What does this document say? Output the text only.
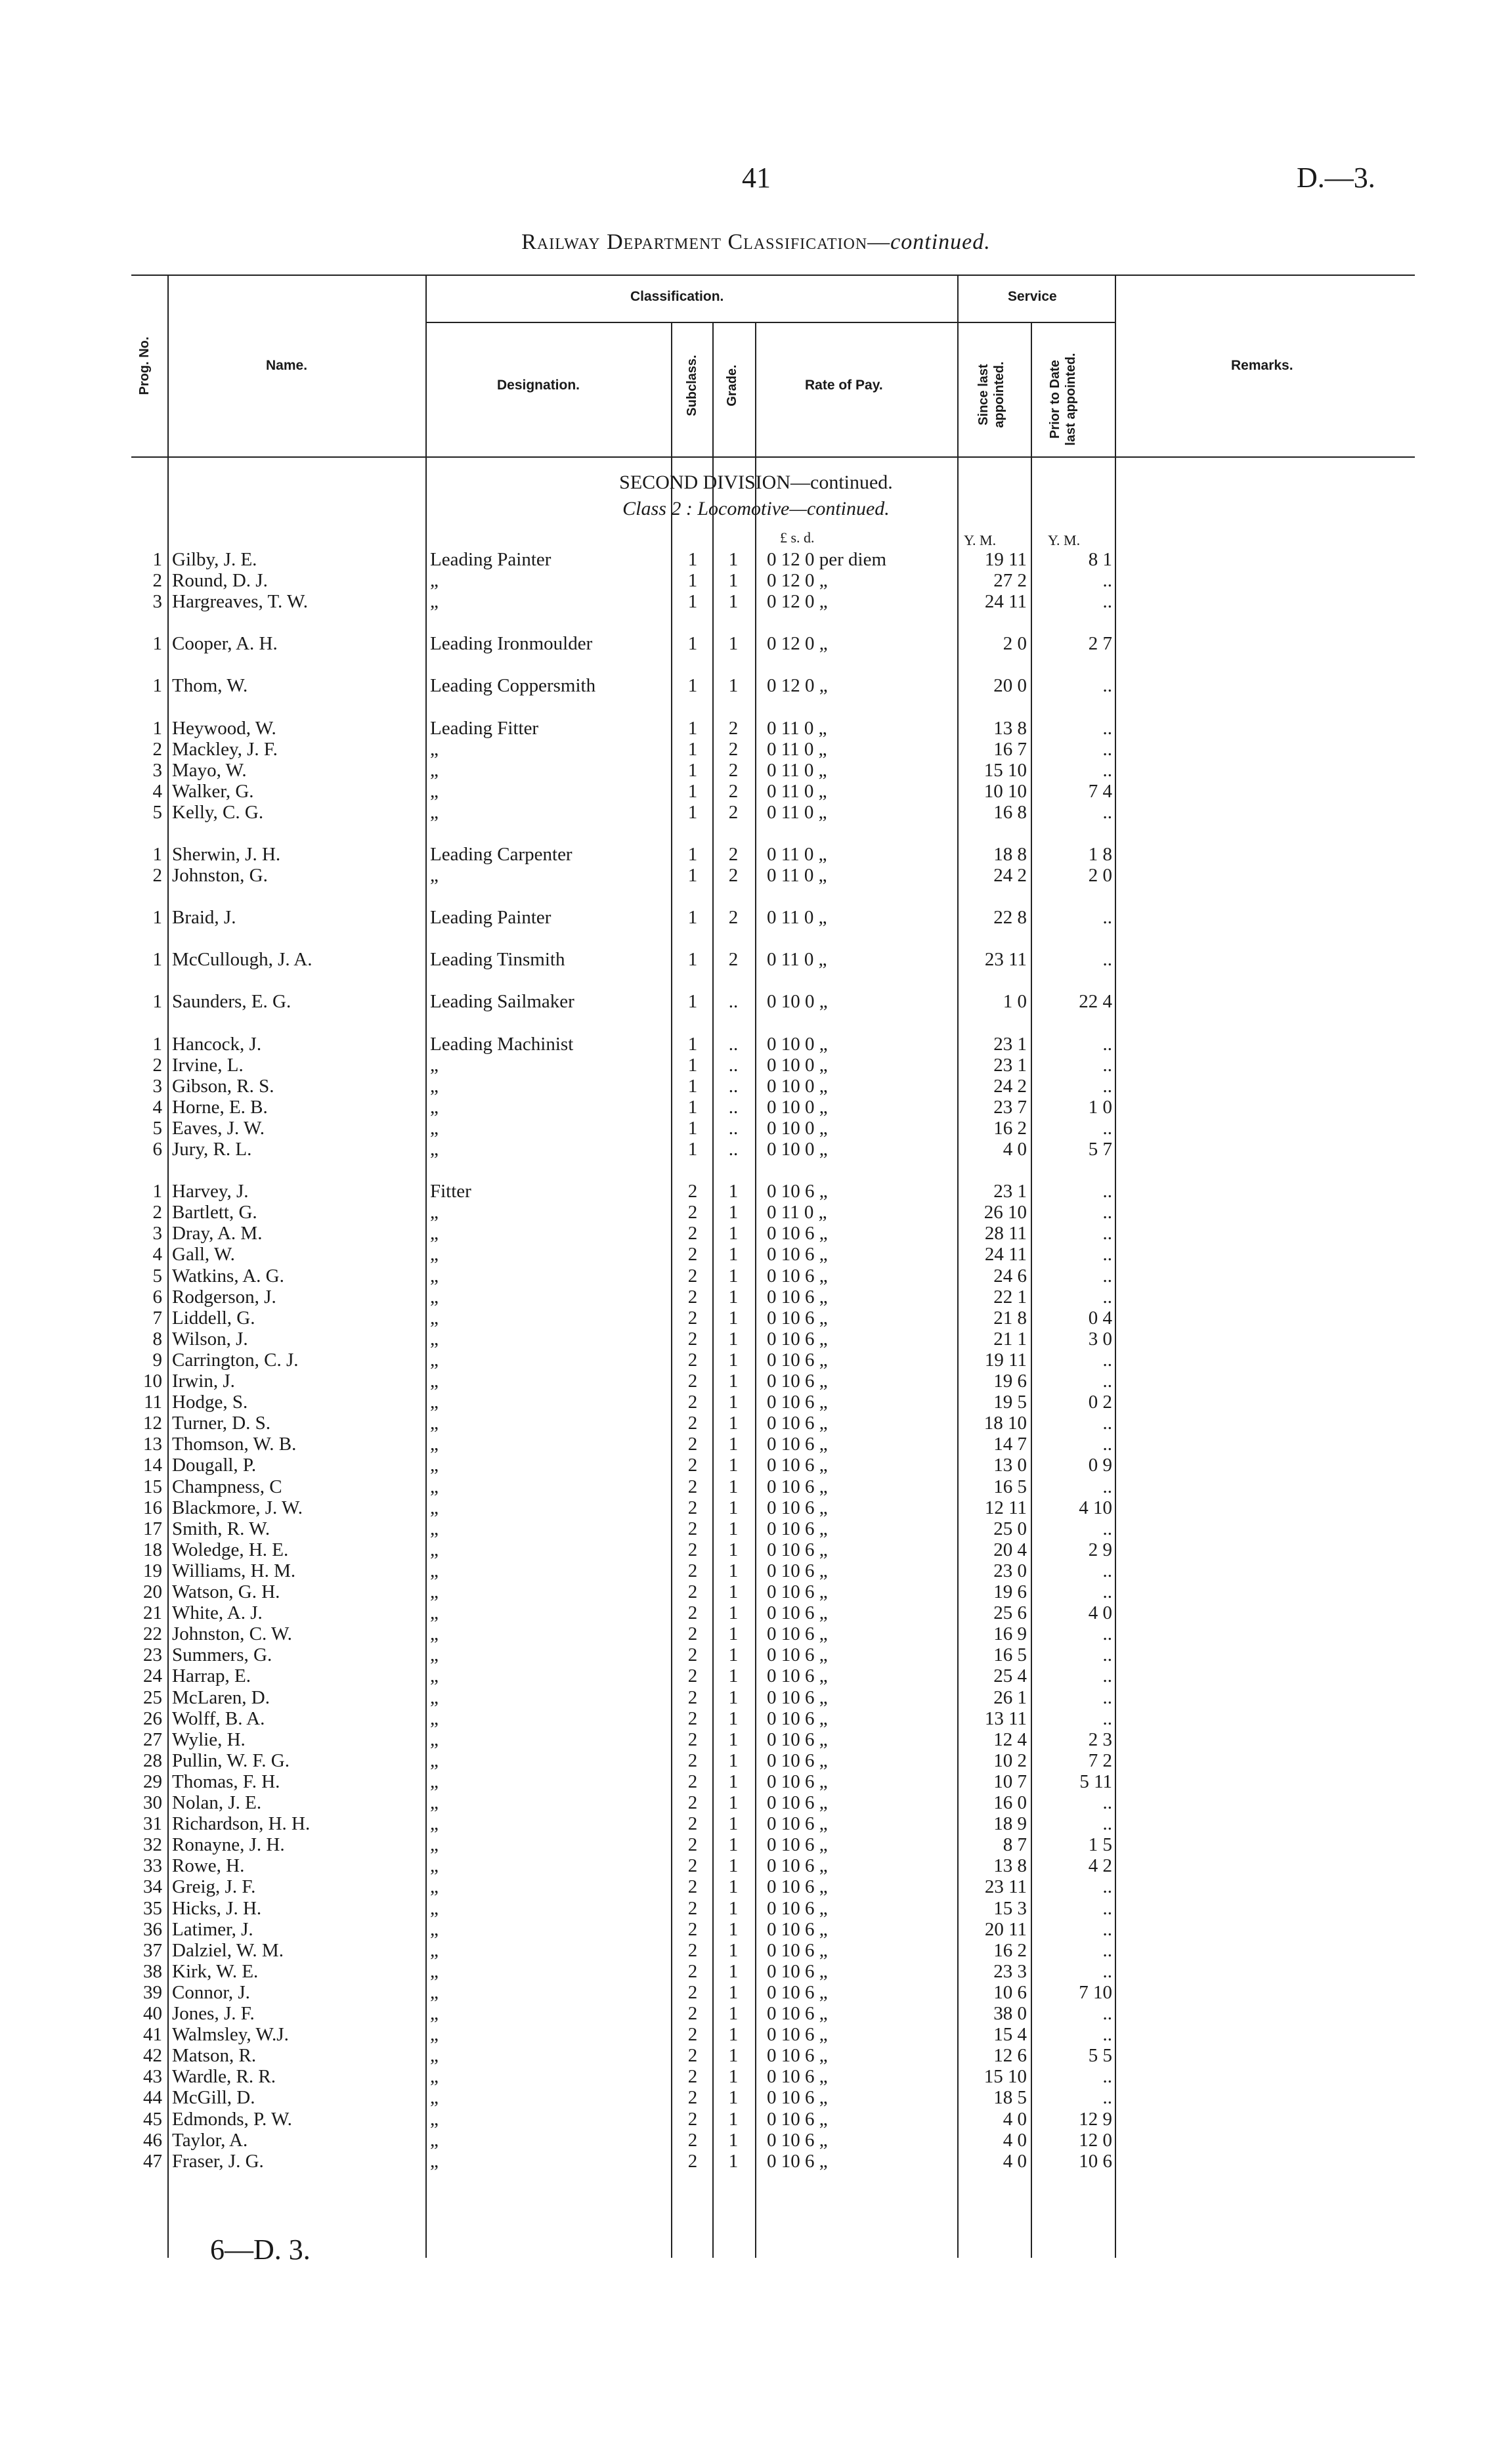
41	D.—3.
Railway Department Classification—continued.
Prog. No.	Name.
Classification.
Designation.	Subclass. Grade.	Rate of Pay.
Service
Since last appointed.	Prior to Date last appointed.	Remarks.
SECOND DIVISION—continued.
Class 2 : Locomotive—continued.
£ s. d.	Y. M.	Y. M.
1 Gilby, J. E.	Leading Painter	1	1	0 12 0 per diem	19 11	8 1
2 Round, D. J.	„	1	1	0 12 0 „	27 2	..
3 Hargreaves, T. W.	„	1	1	0 12 0 „	24 11	..
1 Cooper, A. H.	Leading Ironmoulder	1	1	0 12 0 „	2 0	2 7
1 Thom, W.	Leading Coppersmith	1	1	0 12 0 „	20 0	..
1 Heywood, W.	Leading Fitter	1	2	0 11 0 „	13 8	..
2 Mackley, J. F.	„	1	2	0 11 0 „	16 7	..
3 Mayo, W.	„	1	2	0 11 0 „	15 10	..
4 Walker, G.	„	1	2	0 11 0 „	10 10	7 4
5 Kelly, C. G.	„	1	2	0 11 0 „	16 8	..
1 Sherwin, J. H.	Leading Carpenter	1	2	0 11 0 „	18 8	1 8
2 Johnston, G.	„	1	2	0 11 0 „	24 2	2 0
1 Braid, J.	Leading Painter	1	2	0 11 0 „	22 8	..
1 McCullough, J. A.	Leading Tinsmith	1	2	0 11 0 „	23 11	..
1 Saunders, E. G.	Leading Sailmaker	1	..	0 10 0 „	1 0	22 4
1 Hancock, J.	Leading Machinist	1	..	0 10 0 „	23 1	..
2 Irvine, L.	„	1	..	0 10 0 „	23 1	..
3 Gibson, R. S.	„	1	..	0 10 0 „	24 2	..
4 Horne, E. B.	„	1	..	0 10 0 „	23 7	1 0
5 Eaves, J. W.	„	1	..	0 10 0 „	16 2	..
6 Jury, R. L.	„	1	..	0 10 0 „	4 0	5 7
1 Harvey, J.	Fitter	2	1	0 10 6 „	23 1	..
2 Bartlett, G.	„	2	1	0 11 0 „	26 10	..
3 Dray, A. M.	„	2	1	0 10 6 „	28 11	..
4 Gall, W.	„	2	1	0 10 6 „	24 11	..
5 Watkins, A. G.	„	2	1	0 10 6 „	24 6	..
6 Rodgerson, J.	„	2	1	0 10 6 „	22 1	..
7 Liddell, G.	„	2	1	0 10 6 „	21 8	0 4
8 Wilson, J.	„	2	1	0 10 6 „	21 1	3 0
9 Carrington, C. J.	„	2	1	0 10 6 „	19 11	..
10 Irwin, J.	„	2	1	0 10 6 „	19 6	..
11 Hodge, S.	„	2	1	0 10 6 „	19 5	0 2
12 Turner, D. S.	„	2	1	0 10 6 „	18 10	..
13 Thomson, W. B.	„	2	1	0 10 6 „	14 7	..
14 Dougall, P.	„	2	1	0 10 6 „	13 0	0 9
15 Champness, C	„	2	1	0 10 6 „	16 5	..
16 Blackmore, J. W.	„	2	1	0 10 6 „	12 11	4 10
17 Smith, R. W.	„	2	1	0 10 6 „	25 0	..
18 Woledge, H. E.	„	2	1	0 10 6 „	20 4	2 9
19 Williams, H. M.	„	2	1	0 10 6 „	23 0	..
20 Watson, G. H.	„	2	1	0 10 6 „	19 6	..
21 White, A. J.	„	2	1	0 10 6 „	25 6	4 0
22 Johnston, C. W.	„	2	1	0 10 6 „	16 9	..
23 Summers, G.	„	2	1	0 10 6 „	16 5	..
24 Harrap, E.	„	2	1	0 10 6 „	25 4	..
25 McLaren, D.	„	2	1	0 10 6 „	26 1	..
26 Wolff, B. A.	„	2	1	0 10 6 „	13 11	..
27 Wylie, H.	„	2	1	0 10 6 „	12 4	2 3
28 Pullin, W. F. G.	„	2	1	0 10 6 „	10 2	7 2
29 Thomas, F. H.	„	2	1	0 10 6 „	10 7	5 11
30 Nolan, J. E.	„	2	1	0 10 6 „	16 0	..
31 Richardson, H. H.	„	2	1	0 10 6 „	18 9	..
32 Ronayne, J. H.	„	2	1	0 10 6 „	8 7	1 5
33 Rowe, H.	„	2	1	0 10 6 „	13 8	4 2
34 Greig, J. F.	„	2	1	0 10 6 „	23 11	..
35 Hicks, J. H.	„	2	1	0 10 6 „	15 3	..
36 Latimer, J.	„	2	1	0 10 6 „	20 11	..
37 Dalziel, W. M.	„	2	1	0 10 6 „	16 2	..
38 Kirk, W. E.	„	2	1	0 10 6 „	23 3	..
39 Connor, J.	„	2	1	0 10 6 „	10 6	7 10
40 Jones, J. F.	„	2	1	0 10 6 „	38 0	..
41 Walmsley, W.J.	„	2	1	0 10 6 „	15 4	..
42 Matson, R.	„	2	1	0 10 6 „	12 6	5 5
43 Wardle, R. R.	„	2	1	0 10 6 „	15 10	..
44 McGill, D.	„	2	1	0 10 6 „	18 5	..
45 Edmonds, P. W.	„	2	1	0 10 6 „	4 0	12 9
46 Taylor, A.	„	2	1	0 10 6 „	4 0	12 0
47 Fraser, J. G.	„	2	1	0 10 6 „	4 0	10 6
6—D. 3.
